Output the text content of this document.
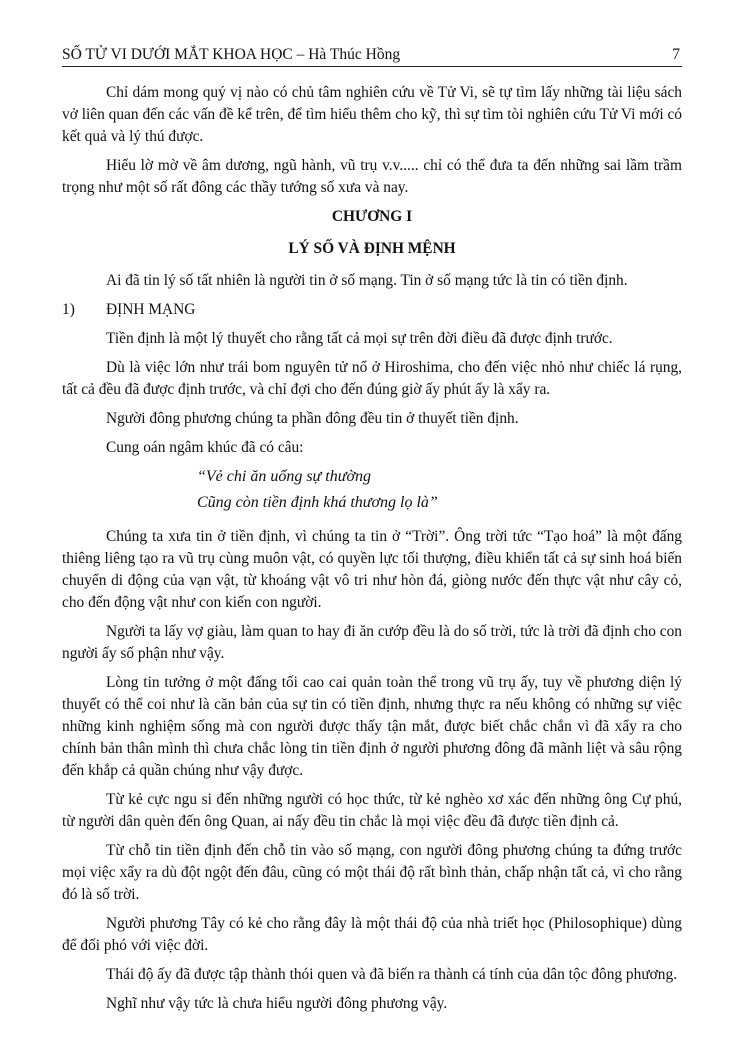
SỐ TỬ VI DƯỚI MẮT KHOA HỌC – Hà Thúc Hồng	7

Chỉ dám mong quý vị nào có chủ tâm nghiên cứu về Tử Vi, sẽ tự tìm lấy những tài liệu sách vở liên quan đến các vấn đề kể trên, để tìm hiểu thêm cho kỹ, thì sự tìm tòi nghiên cứu Tử Vi mới có kết quả và lý thú được.

Hiểu lờ mờ về âm dương, ngũ hành, vũ trụ v.v..... chỉ có thể đưa ta đến những sai lầm trầm trọng như một số rất đông các thầy tướng số xưa và nay.

CHƯƠNG I

LÝ SỐ VÀ ĐỊNH MỆNH

Ai đã tin lý số tất nhiên là người tin ở số mạng. Tin ở số mạng tức là tin có tiền định.

1) ĐỊNH MẠNG

Tiền định là một lý thuyết cho rằng tất cả mọi sự trên đời điều đã được định trước.

Dù là việc lớn như trái bom nguyên tử nổ ở Hiroshima, cho đến việc nhỏ như chiếc lá rụng, tất cả đều đã được định trước, và chỉ đợi cho đến đúng giờ ấy phút ấy là xẩy ra.

Người đông phương chúng ta phần đông đều tin ở thuyết tiền định.

Cung oán ngâm khúc đã có câu:

“Vẻ chi ăn uống sự thường

Cũng còn tiền định khá thương lọ là”

Chúng ta xưa tin ở tiền định, vì chúng ta tin ở “Trời”. Ông trời tức “Tạo hoá” là một đấng thiêng liêng tạo ra vũ trụ cùng muôn vật, có quyền lực tối thượng, điều khiển tất cả sự sinh hoá biến chuyển di động của vạn vật, từ khoáng vật vô tri như hòn đá, giòng nước đến thực vật như cây cỏ, cho đến động vật như con kiến con người.

Người ta lấy vợ giàu, làm quan to hay đi ăn cướp đều là do số trời, tức là trời đã định cho con người ấy số phận như vậy.

Lòng tin tưởng ở một đấng tối cao cai quản toàn thể trong vũ trụ ấy, tuy về phương diện lý thuyết có thể coi như là căn bản của sự tin có tiền định, nhưng thực ra nếu không có những sự việc những kinh nghiệm sống mà con người được thấy tận mắt, được biết chắc chắn vì đã xẩy ra cho chính bản thân mình thì chưa chắc lòng tin tiền định ở người phương đông đã mãnh liệt và sâu rộng đến khắp cả quần chúng như vậy được.

Từ kẻ cực ngu si đến những người có học thức, từ kẻ nghèo xơ xác đến những ông Cự phú, từ người dân quèn đến ông Quan, ai nấy đều tin chắc là mọi việc đều đã được tiền định cả.

Từ chỗ tin tiền định đến chỗ tin vào số mạng, con người đông phương chúng ta đứng trước mọi việc xẩy ra dù đột ngột đến đâu, cũng có một thái độ rất bình thản, chấp nhận tất cả, vì cho rằng đó là số trời.

Người phương Tây có kẻ cho rằng đây là một thái độ của nhà triết học (Philosophique) dùng để đối phó với việc đời.

Thái độ ấy đã được tập thành thói quen và đã biến ra thành cá tính của dân tộc đông phương.

Nghĩ như vậy tức là chưa hiểu người đông phương vậy.
